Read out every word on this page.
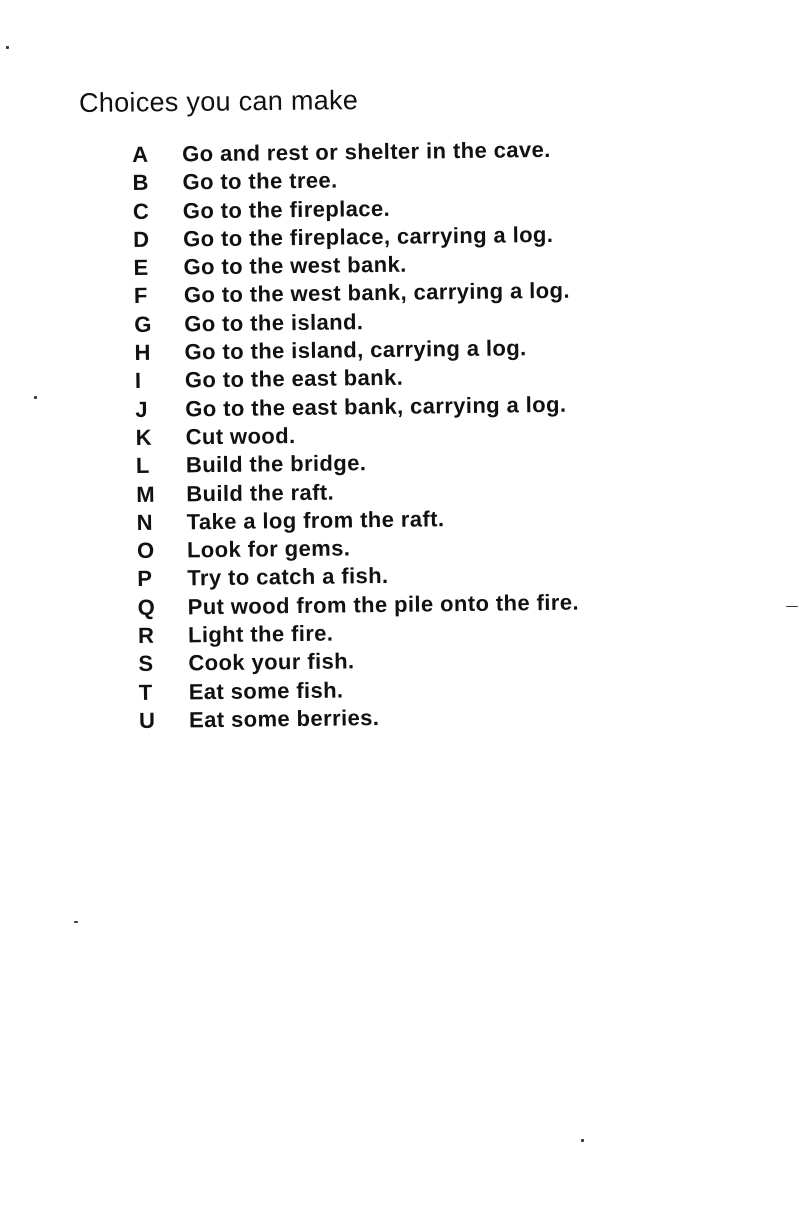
Choices you can make
A	Go and rest or shelter in the cave.
B	Go to the tree.
C	Go to the fireplace.
D	Go to the fireplace, carrying a log.
E	Go to the west bank.
F	Go to the west bank, carrying a log.
G	Go to the island.
H	Go to the island, carrying a log.
I	Go to the east bank.
J	Go to the east bank, carrying a log.
K	Cut wood.
L	Build the bridge.
M	Build the raft.
N	Take a log from the raft.
O	Look for gems.
P	Try to catch a fish.
Q	Put wood from the pile onto the fire.
R	Light the fire.
S	Cook your fish.
T	Eat some fish.
U	Eat some berries.
